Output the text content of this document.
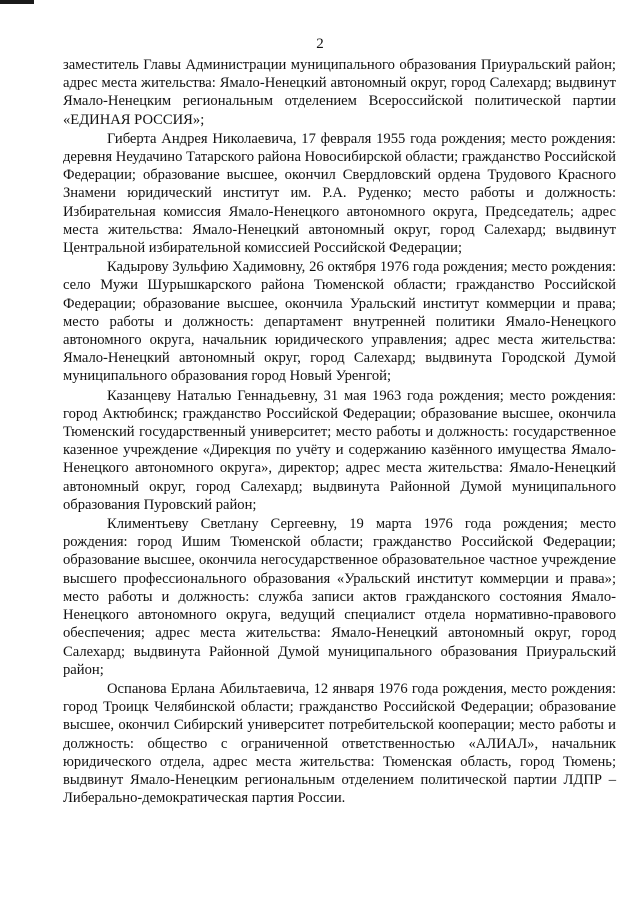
2

заместитель Главы Администрации муниципального образования Приуральский район; адрес места жительства: Ямало-Ненецкий автономный округ, город Салехард; выдвинут Ямало-Ненецким региональным отделением Всероссийской политической партии «ЕДИНАЯ РОССИЯ»;

Гиберта Андрея Николаевича, 17 февраля 1955 года рождения; место рождения: деревня Неудачино Татарского района Новосибирской области; гражданство Российской Федерации; образование высшее, окончил Свердловский ордена Трудового Красного Знамени юридический институт им. Р.А. Руденко; место работы и должность: Избирательная комиссия Ямало-Ненецкого автономного округа, Председатель; адрес места жительства: Ямало-Ненецкий автономный округ, город Салехард; выдвинут Центральной избирательной комиссией Российской Федерации;

Кадырову Зульфию Хадимовну, 26 октября 1976 года рождения; место рождения: село Мужи Шурышкарского района Тюменской области; гражданство Российской Федерации; образование высшее, окончила Уральский институт коммерции и права; место работы и должность: департамент внутренней политики Ямало-Ненецкого автономного округа, начальник юридического управления; адрес места жительства: Ямало-Ненецкий автономный округ, город Салехард; выдвинута Городской Думой муниципального образования город Новый Уренгой;

Казанцеву Наталью Геннадьевну, 31 мая 1963 года рождения; место рождения: город Актюбинск; гражданство Российской Федерации; образование высшее, окончила Тюменский государственный университет; место работы и должность: государственное казенное учреждение «Дирекция по учёту и содержанию казённого имущества Ямало-Ненецкого автономного округа», директор; адрес места жительства: Ямало-Ненецкий автономный округ, город Салехард; выдвинута Районной Думой муниципального образования Пуровский район;

Климентьеву Светлану Сергеевну, 19 марта 1976 года рождения; место рождения: город Ишим Тюменской области; гражданство Российской Федерации; образование высшее, окончила негосударственное образовательное частное учреждение высшего профессионального образования «Уральский институт коммерции и права»; место работы и должность: служба записи актов гражданского состояния Ямало-Ненецкого автономного округа, ведущий специалист отдела нормативно-правового обеспечения; адрес места жительства: Ямало-Ненецкий автономный округ, город Салехард; выдвинута Районной Думой муниципального образования Приуральский район;

Оспанова Ерлана Абильтаевича, 12 января 1976 года рождения, место рождения: город Троицк Челябинской области; гражданство Российской Федерации; образование высшее, окончил Сибирский университет потребительской кооперации; место работы и должность: общество с ограниченной ответственностью «АЛИАЛ», начальник юридического отдела, адрес места жительства: Тюменская область, город Тюмень; выдвинут Ямало-Ненецким региональным отделением политической партии ЛДПР – Либерально-демократическая партия России.
